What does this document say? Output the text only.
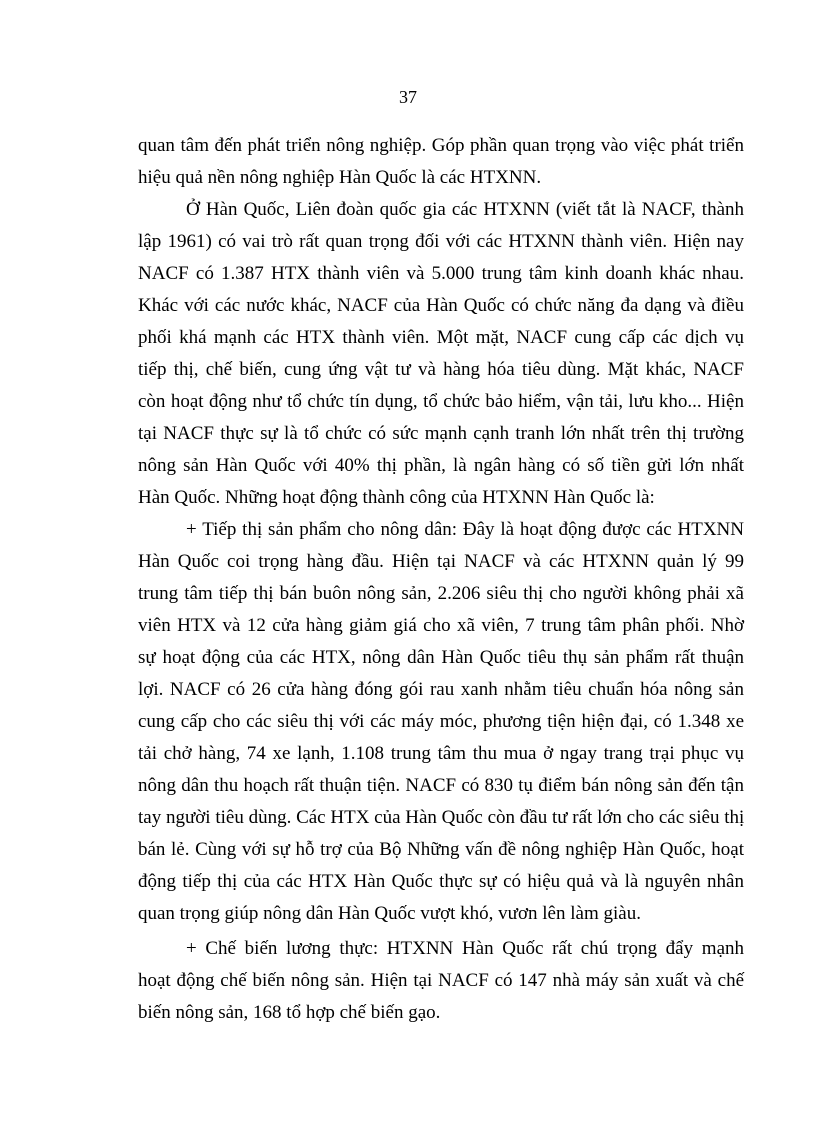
37
quan tâm đến phát triển nông nghiệp. Góp phần quan trọng vào việc phát triển
hiệu quả nền nông nghiệp Hàn Quốc là các HTXNN.
Ở Hàn Quốc, Liên đoàn quốc gia các HTXNN (viết tắt là NACF, thành
lập 1961) có vai trò rất quan trọng đối với các HTXNN thành viên. Hiện nay
NACF có 1.387 HTX thành viên và 5.000 trung tâm kinh doanh khác nhau.
Khác với các nước khác, NACF của Hàn Quốc có chức năng đa dạng và điều
phối khá mạnh các HTX thành viên. Một mặt, NACF cung cấp các dịch vụ
tiếp thị, chế biến, cung ứng vật tư và hàng hóa tiêu dùng. Mặt khác, NACF
còn hoạt động như tổ chức tín dụng, tổ chức bảo hiểm, vận tải, lưu kho... Hiện
tại NACF thực sự là tổ chức có sức mạnh cạnh tranh lớn nhất trên thị trường
nông sản Hàn Quốc với 40% thị phần, là ngân hàng có số tiền gửi lớn nhất
Hàn Quốc. Những hoạt động thành công của HTXNN Hàn Quốc là:
+ Tiếp thị sản phẩm cho nông dân: Đây là hoạt động được các HTXNN
Hàn Quốc coi trọng hàng đầu. Hiện tại NACF và các HTXNN quản lý 99
trung tâm tiếp thị bán buôn nông sản, 2.206 siêu thị cho người không phải xã
viên HTX và 12 cửa hàng giảm giá cho xã viên, 7 trung tâm phân phối. Nhờ
sự hoạt động của các HTX, nông dân Hàn Quốc tiêu thụ sản phẩm rất thuận
lợi. NACF có 26 cửa hàng đóng gói rau xanh nhằm tiêu chuẩn hóa nông sản
cung cấp cho các siêu thị với các máy móc, phương tiện hiện đại, có 1.348 xe
tải chở hàng, 74 xe lạnh, 1.108 trung tâm thu mua ở ngay trang trại phục vụ
nông dân thu hoạch rất thuận tiện. NACF có 830 tụ điểm bán nông sản đến tận
tay người tiêu dùng. Các HTX của Hàn Quốc còn đầu tư rất lớn cho các siêu thị
bán lẻ. Cùng với sự hỗ trợ của Bộ Những vấn đề nông nghiệp Hàn Quốc, hoạt
động tiếp thị của các HTX Hàn Quốc thực sự có hiệu quả và là nguyên nhân
quan trọng giúp nông dân Hàn Quốc vượt khó, vươn lên làm giàu.
+ Chế biến lương thực: HTXNN Hàn Quốc rất chú trọng đẩy mạnh
hoạt động chế biến nông sản. Hiện tại NACF có 147 nhà máy sản xuất và chế
biến nông sản, 168 tổ hợp chế biến gạo.
